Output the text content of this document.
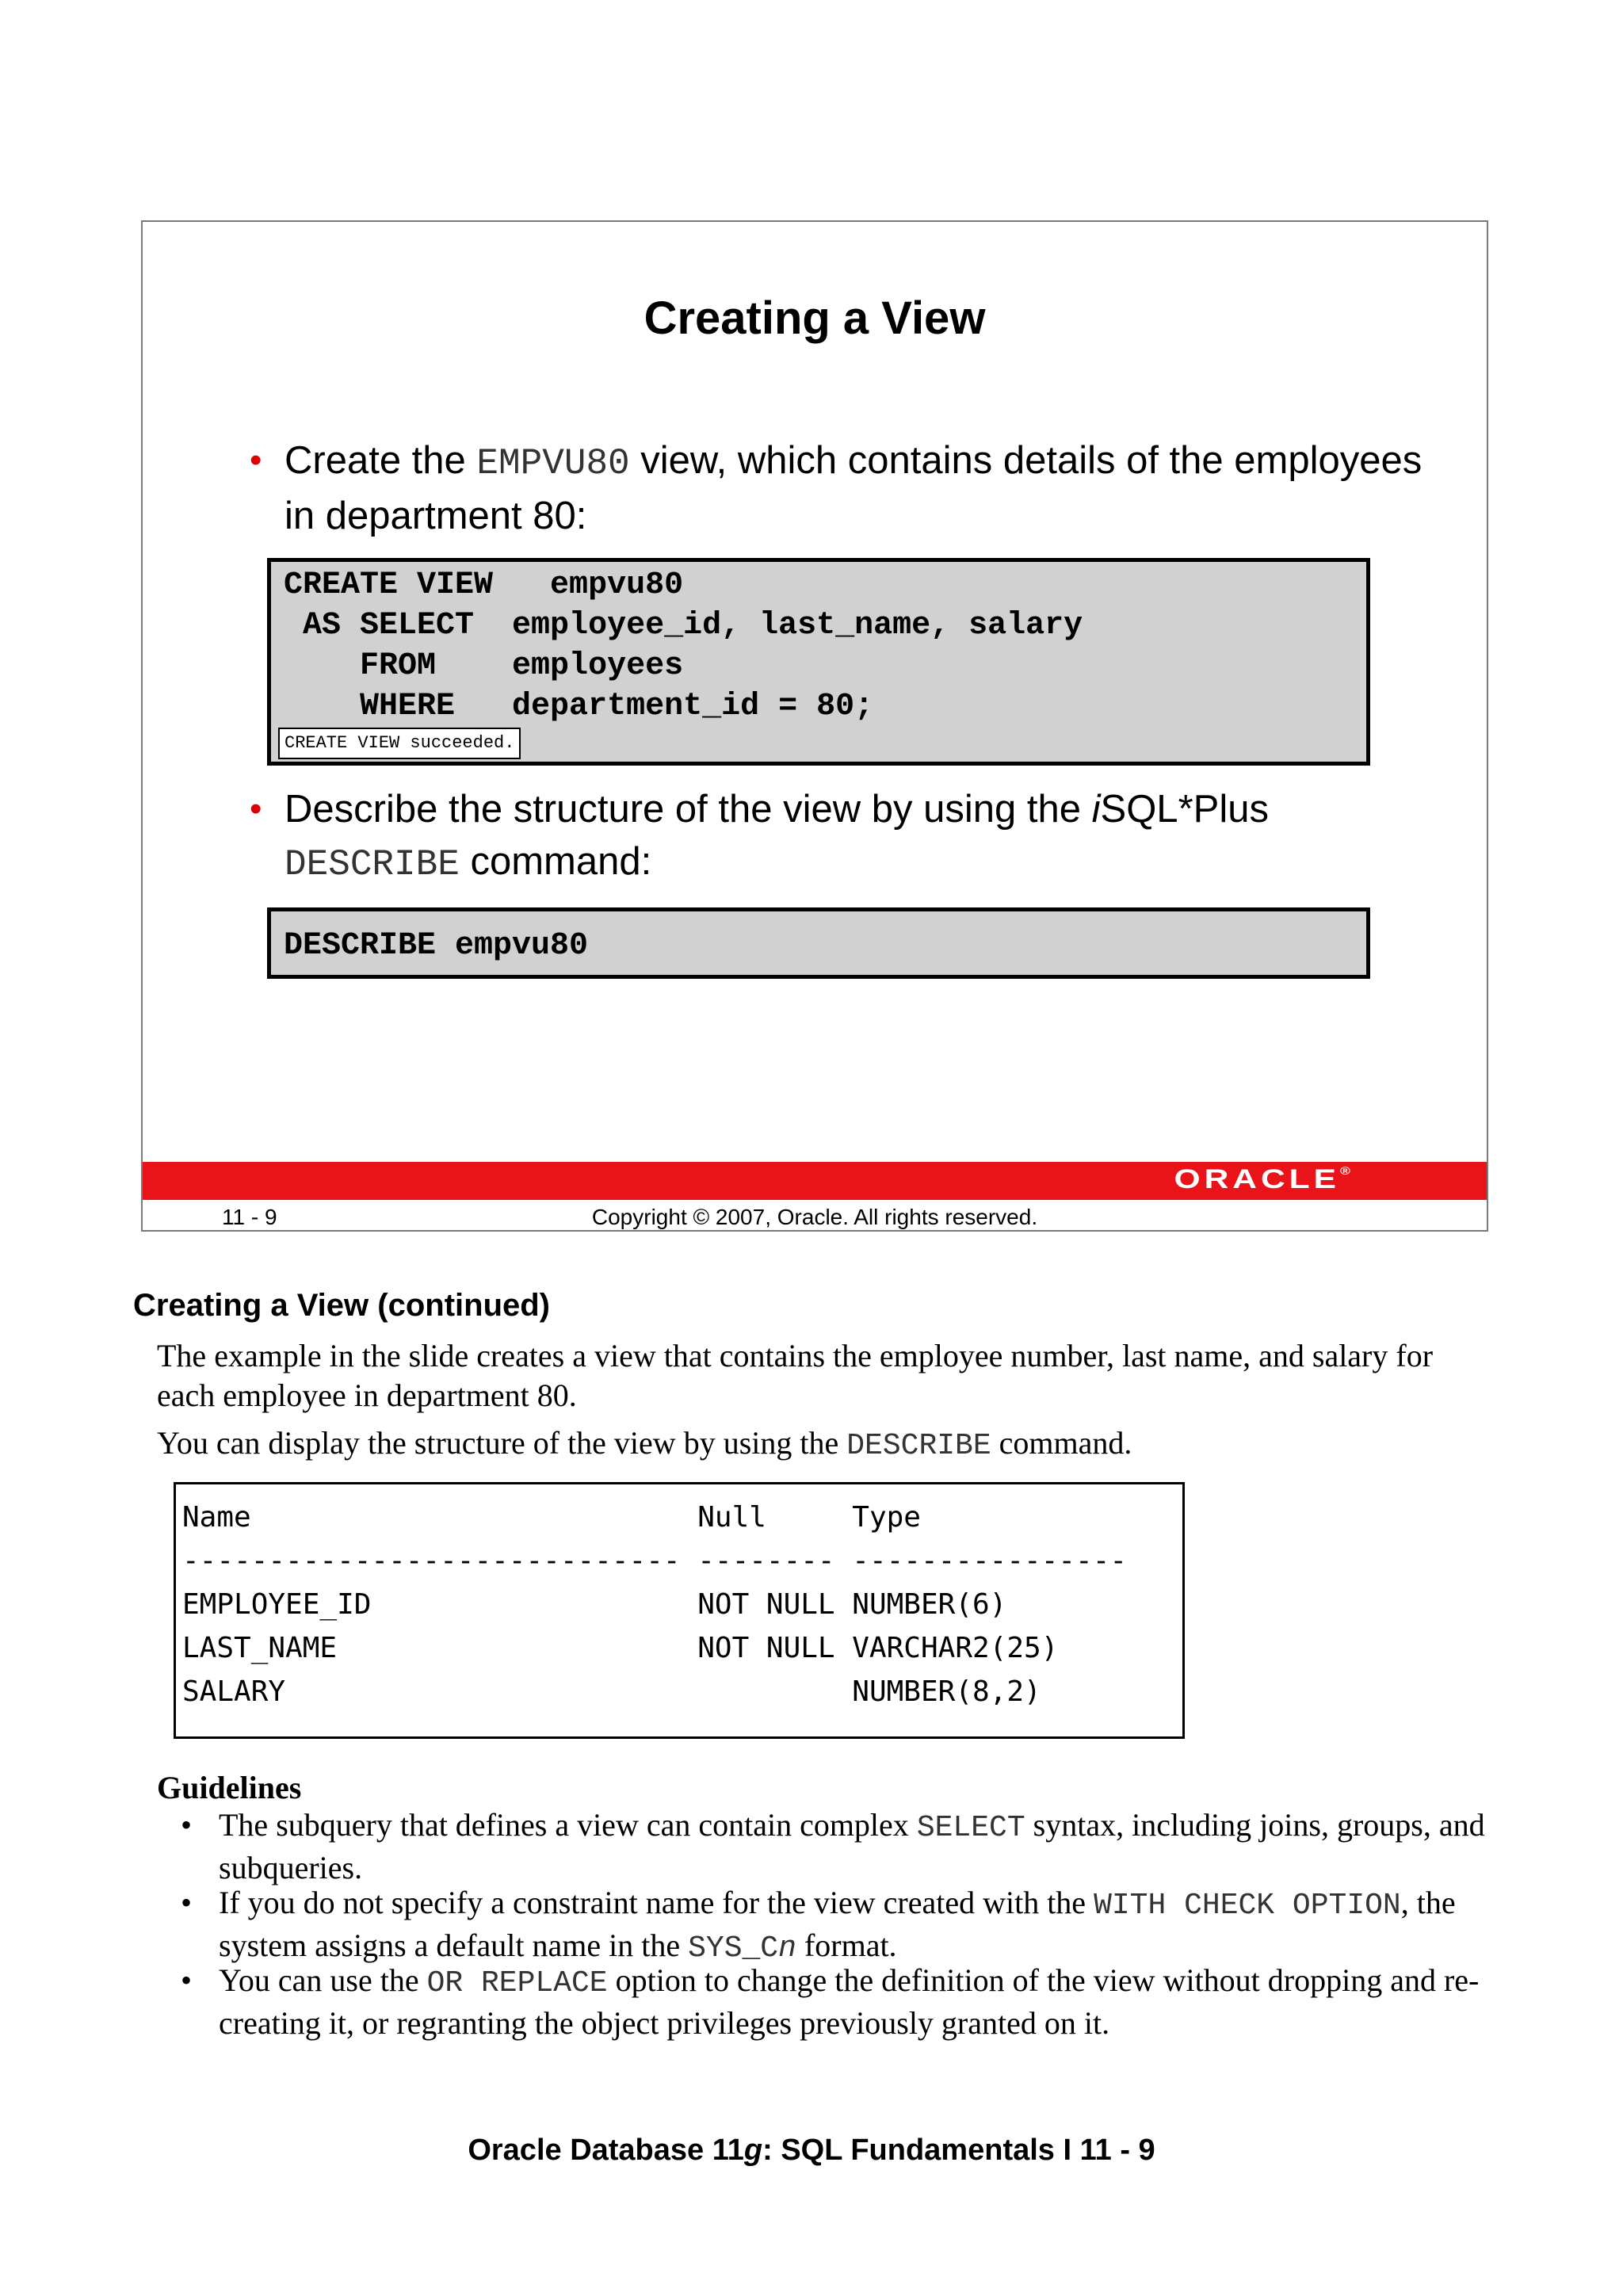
Creating a View
• Create the EMPVU80 view, which contains details of the employees in department 80:
CREATE VIEW   empvu80
AS SELECT  employee_id, last_name, salary
FROM    employees
WHERE   department_id = 80;
CREATE VIEW succeeded.
• Describe the structure of the view by using the iSQL*Plus DESCRIBE command:
DESCRIBE empvu80
ORACLE®
11 - 9	Copyright © 2007, Oracle. All rights reserved.
Creating a View (continued)
The example in the slide creates a view that contains the employee number, last name, and salary for each employee in department 80.
You can display the structure of the view by using the DESCRIBE command.
Name                          Null     Type
----------------------------- -------- ----------------
EMPLOYEE_ID                   NOT NULL NUMBER(6)
LAST_NAME                     NOT NULL VARCHAR2(25)
SALARY                                 NUMBER(8,2)
Guidelines
• The subquery that defines a view can contain complex SELECT syntax, including joins, groups, and subqueries.
• If you do not specify a constraint name for the view created with the WITH CHECK OPTION, the system assigns a default name in the SYS_Cn format.
• You can use the OR REPLACE option to change the definition of the view without dropping and re-creating it, or regranting the object privileges previously granted on it.
Oracle Database 11g: SQL Fundamentals I 11 - 9
